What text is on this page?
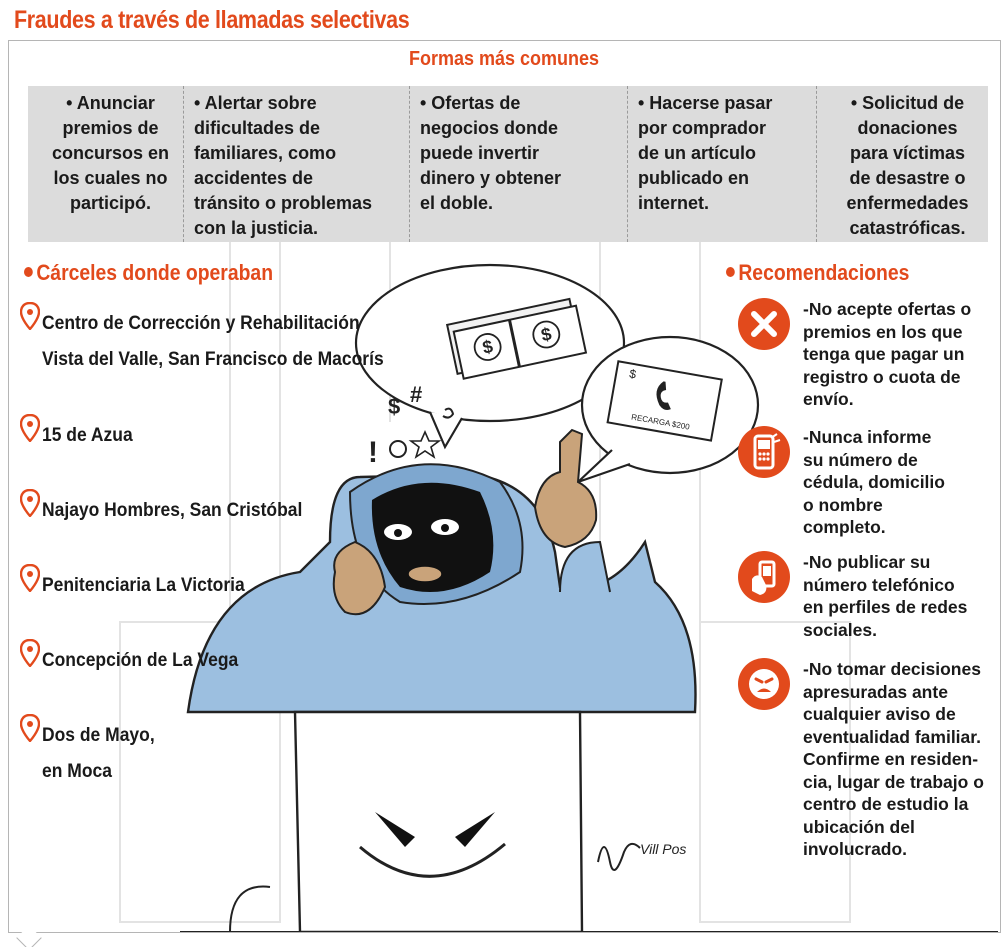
Fraudes a través de llamadas selectivas
$
$
$
RECARGA $200
$ #
!
Vill Pos
Formas más comunes
• Anunciar
premios de
concursos en
los cuales no
participó.
• Alertar sobre
dificultades de
familiares, como
accidentes de
tránsito o problemas
con la justicia.
• Ofertas de
negocios donde
puede invertir
dinero y obtener
el doble.
• Hacerse pasar
por comprador
de un artículo
publicado en
internet.
• Solicitud de
donaciones
para víctimas
de desastre o
enfermedades
catastróficas.
Cárceles donde operaban
Centro de Corrección y Rehabilitación
Vista del Valle, San Francisco de Macorís
15 de Azua
Najayo Hombres, San Cristóbal
Penitenciaria La Victoria
Concepción de La Vega
Dos de Mayo,
en Moca
Recomendaciones
-No acepte ofertas o
premios en los que
tenga que pagar un
registro o cuota de
envío.
-Nunca informe
su número de
cédula, domicilio
o nombre
completo.
-No publicar su
número telefónico
en perfiles de redes
sociales.
-No tomar decisiones
apresuradas ante
cualquier aviso de
eventualidad familiar.
Confirme en residen-
cia, lugar de trabajo o
centro de estudio la
ubicación del
involucrado.
